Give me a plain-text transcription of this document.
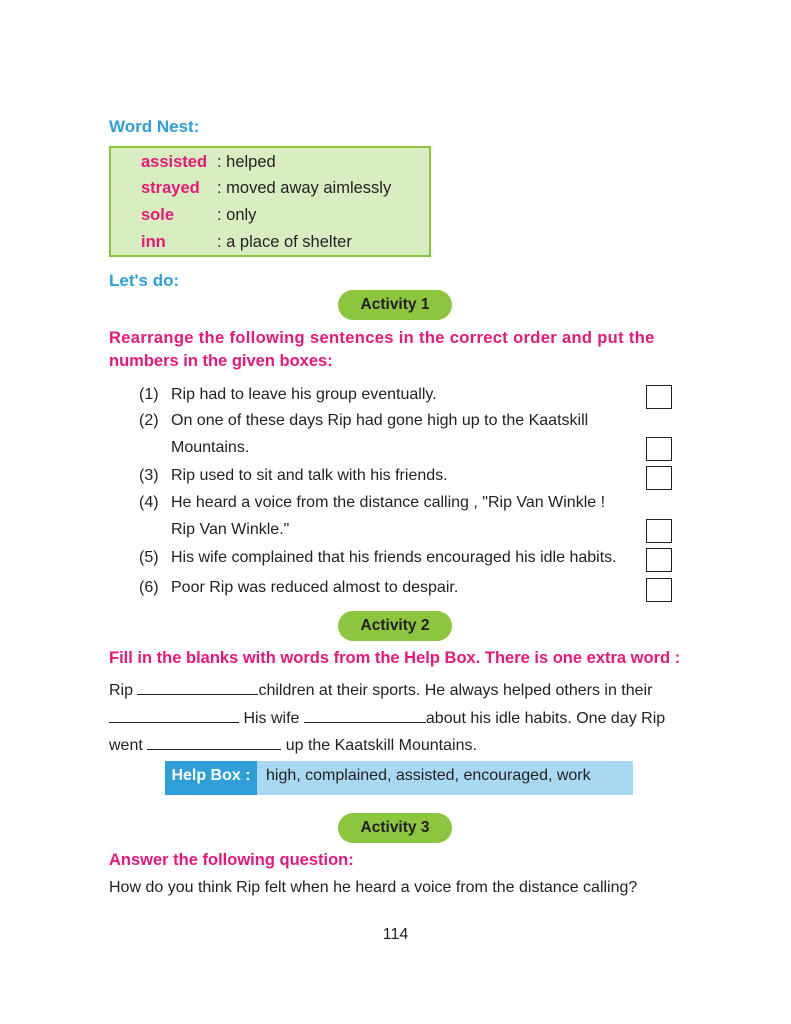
Word Nest:
assisted : helped
strayed : moved away aimlessly
sole	: only
inn	: a place of shelter
Let's do:
Activity 1
Rearrange the following sentences in the correct order and put the
numbers in the given boxes:
(1) Rip had to leave his group eventually.
(2) On one of these days Rip had gone high up to the Kaatskill
Mountains.
(3) Rip used to sit and talk with his friends.
(4) He heard a voice from the distance calling , "Rip Van Winkle !
Rip Van Winkle."
(5) His wife complained that his friends encouraged his idle habits.
(6) Poor Rip was reduced almost to despair.
Activity 2
Fill in the blanks with words from the Help Box. There is one extra word :
Rip	children at their sports. He always helped others in their
His wife	about his idle habits. One day Rip
went	up the Kaatskill Mountains.
Help Box : high, complained, assisted, encouraged, work
Activity 3
Answer the following question:
How do you think Rip felt when he heard a voice from the distance calling?
114
